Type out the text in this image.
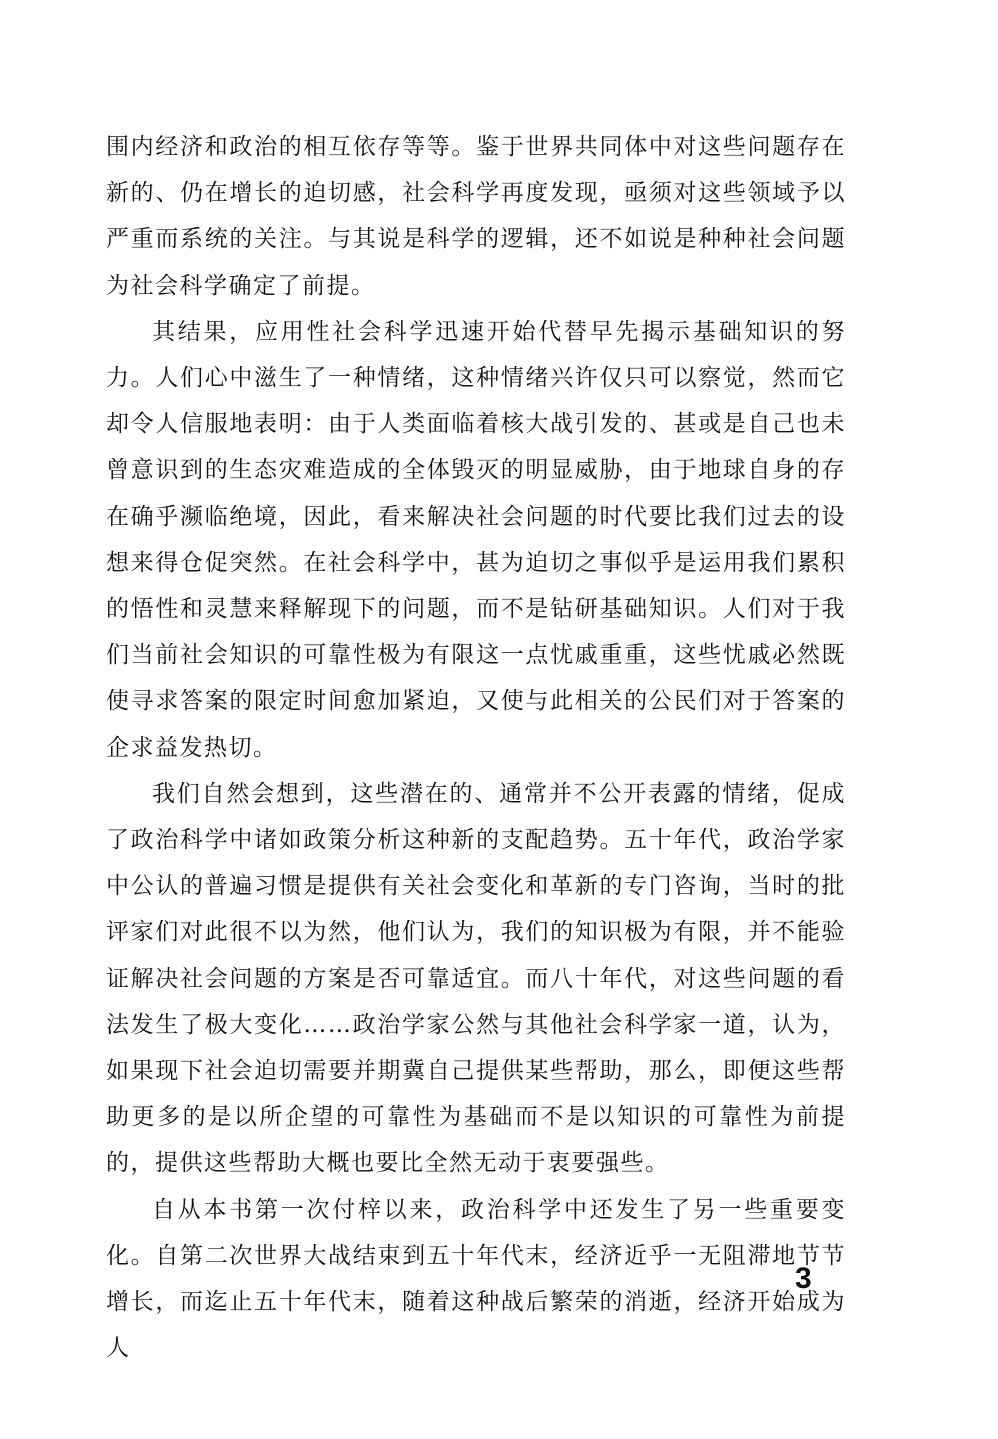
围内经济和政治的相互依存等等。鉴于世界共同体中对这些问题存在新的、仍在增长的迫切感，社会科学再度发现，亟须对这些领域予以严重而系统的关注。与其说是科学的逻辑，还不如说是种种社会问题为社会科学确定了前提。

其结果，应用性社会科学迅速开始代替早先揭示基础知识的努力。人们心中滋生了一种情绪，这种情绪兴许仅只可以察觉，然而它却令人信服地表明：由于人类面临着核大战引发的、甚或是自己也未曾意识到的生态灾难造成的全体毁灭的明显威胁，由于地球自身的存在确乎濒临绝境，因此，看来解决社会问题的时代要比我们过去的设想来得仓促突然。在社会科学中，甚为迫切之事似乎是运用我们累积的悟性和灵慧来释解现下的问题，而不是钻研基础知识。人们对于我们当前社会知识的可靠性极为有限这一点忧戚重重，这些忧戚必然既使寻求答案的限定时间愈加紧迫，又使与此相关的公民们对于答案的企求益发热切。

我们自然会想到，这些潜在的、通常并不公开表露的情绪，促成了政治科学中诸如政策分析这种新的支配趋势。五十年代，政治学家中公认的普遍习惯是提供有关社会变化和革新的专门咨询，当时的批评家们对此很不以为然，他们认为，我们的知识极为有限，并不能验证解决社会问题的方案是否可靠适宜。而八十年代，对这些问题的看法发生了极大变化……政治学家公然与其他社会科学家一道，认为，如果现下社会迫切需要并期冀自己提供某些帮助，那么，即便这些帮助更多的是以所企望的可靠性为基础而不是以知识的可靠性为前提的，提供这些帮助大概也要比全然无动于衷要强些。

自从本书第一次付梓以来，政治科学中还发生了另一些重要变化。自第二次世界大战结束到五十年代末，经济近乎一无阻滞地节节增长，而迄止五十年代末，随着这种战后繁荣的消逝，经济开始成为人

3
